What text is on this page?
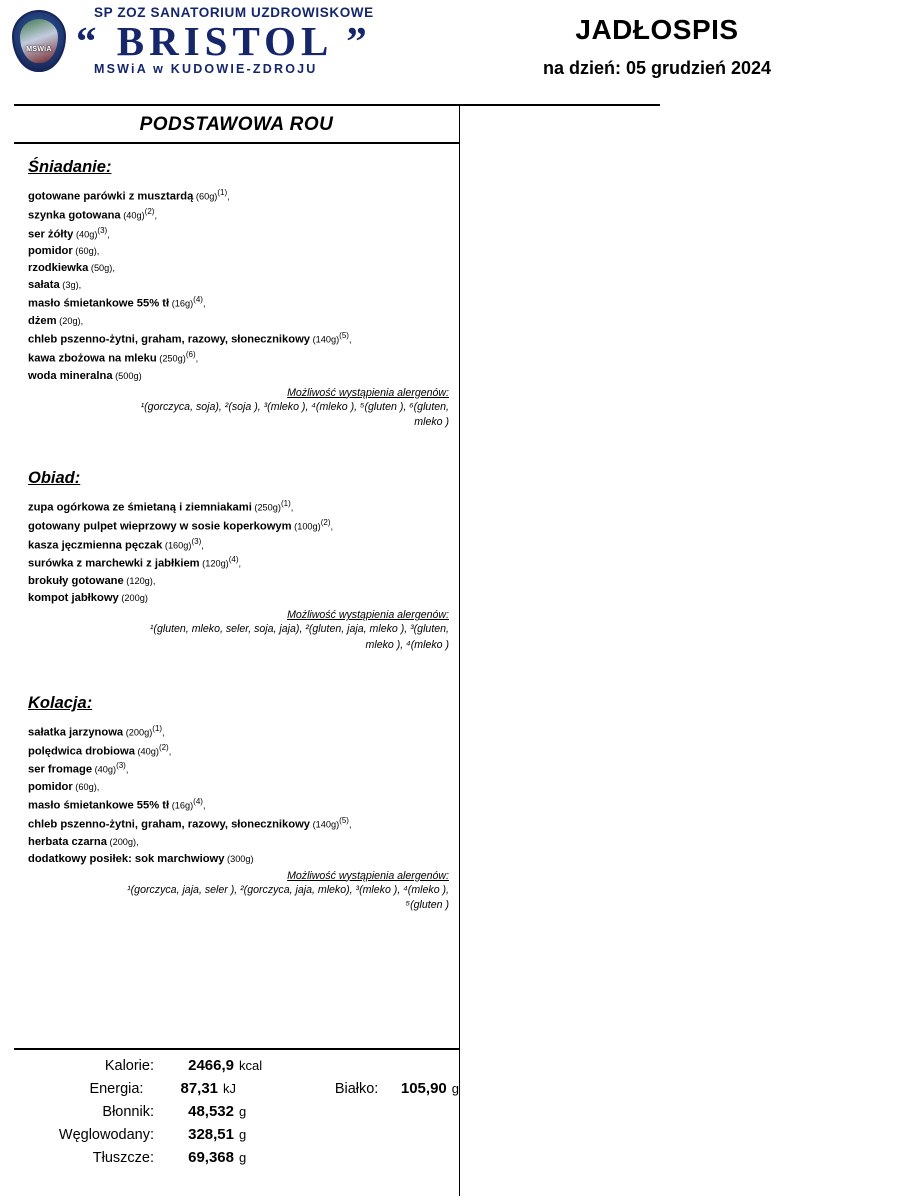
MSWiA
SP ZOZ SANATORIUM UZDROWISKOWE
“ BRISTOL ”
MSWiA w KUDOWIE-ZDROJU
JADŁOSPIS
na dzień: 05 grudzień 2024
PODSTAWOWA ROU
Śniadanie:
gotowane parówki z musztardą $(60g)^{(1)}$,
szynka gotowana $(40g)^{(2)}$,
ser żółty $(40g)^{(3)}$,
pomidor (60g),
rzodkiewka (50g),
sałata (3g),
masło śmietankowe 55% tł $(16g)^{(4)}$,
dżem (20g),
chleb pszenno-żytni, graham, razowy, słonecznikowy $(140g)^{(5)}$,
kawa zbożowa na mleku $(250g)^{(6)}$,
woda mineralna (500g)
Możliwość wystąpienia alergenów:
¹(gorczyca, soja), ²(soja ), ³(mleko ), ⁴(mleko ), ⁵(gluten ), ⁶(gluten,
mleko )
Obiad:
zupa ogórkowa ze śmietaną i ziemniakami $(250g)^{(1)}$,
gotowany pulpet wieprzowy w sosie koperkowym $(100g)^{(2)}$,
kasza jęczmienna pęczak $(160g)^{(3)}$,
surówka z marchewki z jabłkiem $(120g)^{(4)}$,
brokuły gotowane (120g),
kompot jabłkowy (200g)
Możliwość wystąpienia alergenów:
¹(gluten, mleko, seler, soja, jaja), ²(gluten, jaja, mleko ), ³(gluten,
mleko ), ⁴(mleko )
Kolacja:
sałatka jarzynowa $(200g)^{(1)}$,
polędwica drobiowa $(40g)^{(2)}$,
ser fromage $(40g)^{(3)}$,
pomidor (60g),
masło śmietankowe 55% tł $(16g)^{(4)}$,
chleb pszenno-żytni, graham, razowy, słonecznikowy $(140g)^{(5)}$,
herbata czarna (200g),
dodatkowy posiłek: sok marchwiowy (300g)
Możliwość wystąpienia alergenów:
¹(gorczyca, jaja, seler ), ²(gorczyca, jaja, mleko), ³(mleko ), ⁴(mleko ),
⁵(gluten )
Kalorie:	2466,9 kcal
Energia:	87,31 kJ	Białko:	105,90 g
Błonnik:	48,532 g
Węglowodany:	328,51 g
Tłuszcze:	69,368 g
